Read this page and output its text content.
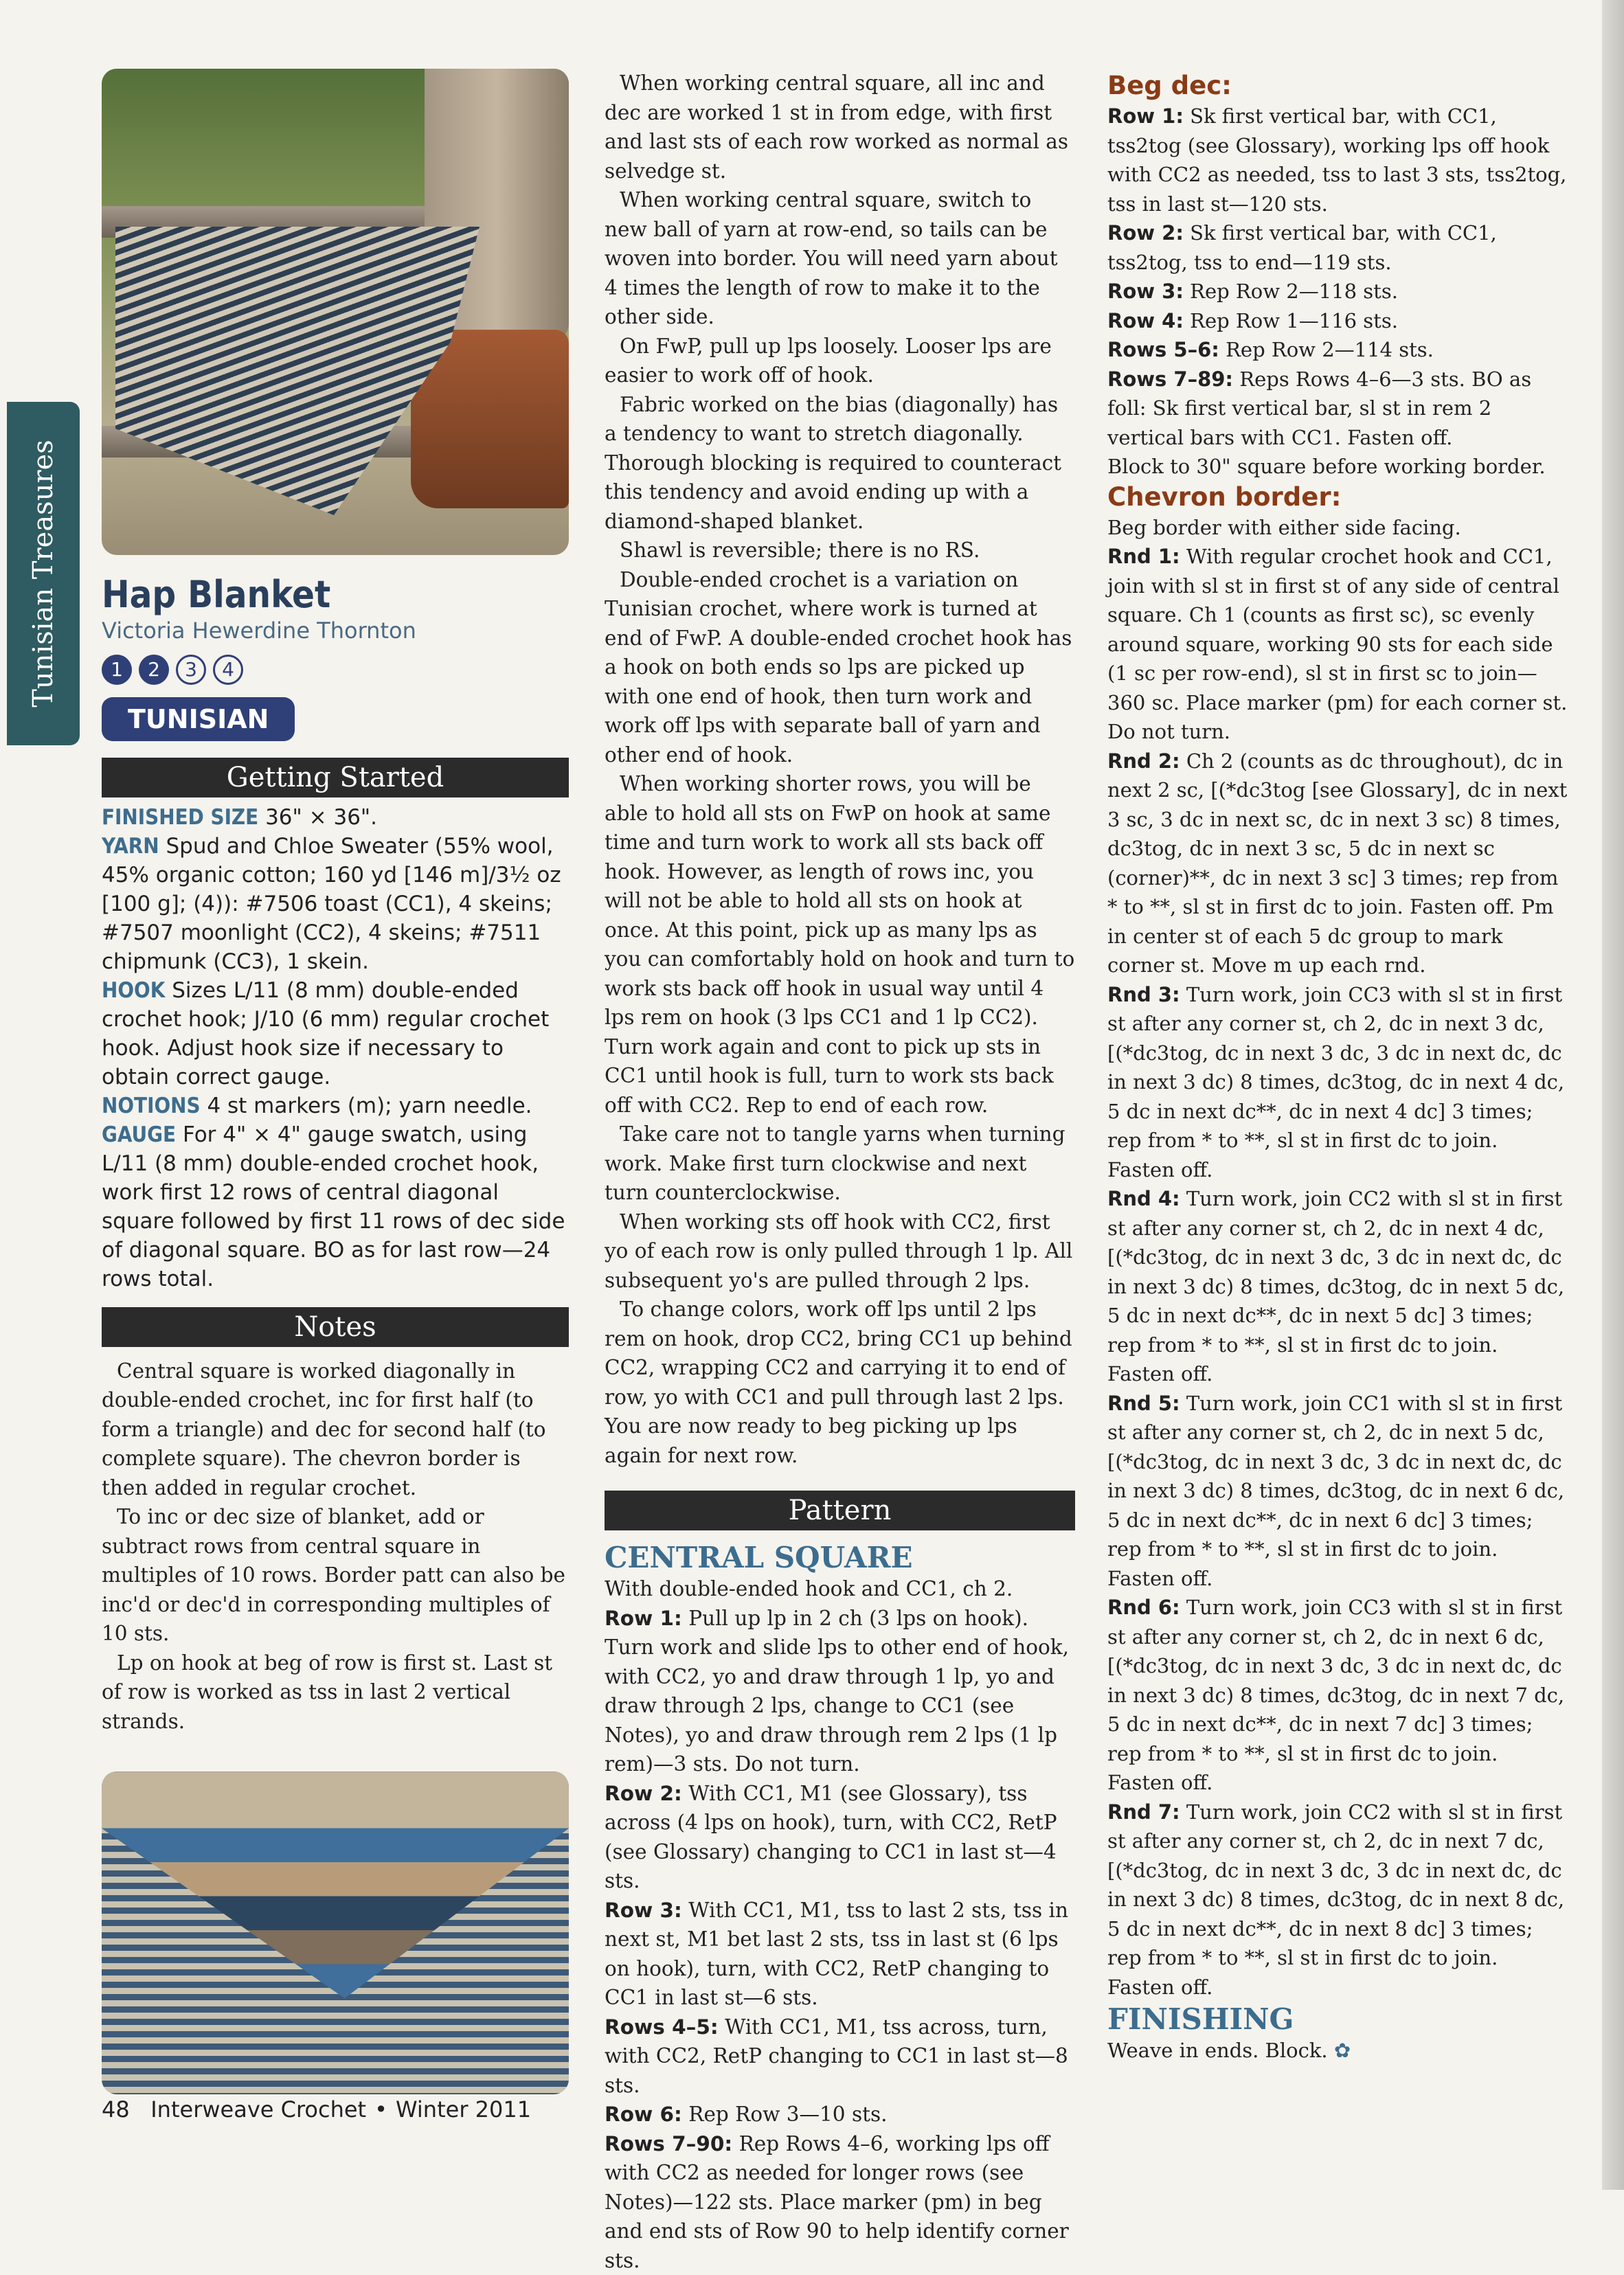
Tunisian Treasures Hap Blanket
Victoria Hewerdine Thornton
1	2	3	4
TUNISIAN
Getting Started

FINISHED SIZE 36" × 36".

YARN Spud and Chloe Sweater (55% wool, 45% organic cotton; 160 yd [146 m]/3½ oz [100 g]; (4)): #7506 toast (CC1), 4 skeins; #7507 moonlight (CC2), 4 skeins; #7511 chipmunk (CC3), 1 skein.

HOOK Sizes L/11 (8 mm) double-ended crochet hook; J/10 (6 mm) regular crochet hook. Adjust hook size if necessary to obtain correct gauge.

NOTIONS 4 st markers (m); yarn needle.

GAUGE For 4" × 4" gauge swatch, using L/11 (8 mm) double-ended crochet hook, work first 12 rows of central diagonal square followed by first 11 rows of dec side of diagonal square. BO as for last row—24 rows total.

Notes

Central square is worked diagonally in double-ended crochet, inc for first half (to form a triangle) and dec for second half (to complete square). The chevron border is then added in regular crochet.

To inc or dec size of blanket, add or subtract rows from central square in multiples of 10 rows. Border patt can also be inc'd or dec'd in corresponding multiples of 10 sts.

Lp on hook at beg of row is first st. Last st of row is worked as tss in last 2 vertical strands.

When working central square, all inc and dec are worked 1 st in from edge, with first and last sts of each row worked as normal as selvedge st.

When working central square, switch to new ball of yarn at row-end, so tails can be woven into border. You will need yarn about 4 times the length of row to make it to the other side.

On FwP, pull up lps loosely. Looser lps are easier to work off of hook.

Fabric worked on the bias (diagonally) has a tendency to want to stretch diagonally. Thorough blocking is required to counteract this tendency and avoid ending up with a diamond-shaped blanket.

Shawl is reversible; there is no RS.

Double-ended crochet is a variation on Tunisian crochet, where work is turned at end of FwP. A double-ended crochet hook has a hook on both ends so lps are picked up with one end of hook, then turn work and work off lps with separate ball of yarn and other end of hook.

When working shorter rows, you will be able to hold all sts on FwP on hook at same time and turn work to work all sts back off hook. However, as length of rows inc, you will not be able to hold all sts on hook at once. At this point, pick up as many lps as you can comfortably hold on hook and turn to work sts back off hook in usual way until 4 lps rem on hook (3 lps CC1 and 1 lp CC2). Turn work again and cont to pick up sts in CC1 until hook is full, turn to work sts back off with CC2. Rep to end of each row.

Take care not to tangle yarns when turning work. Make first turn clockwise and next turn counterclockwise.

When working sts off hook with CC2, first yo of each row is only pulled through 1 lp. All subsequent yo's are pulled through 2 lps.

To change colors, work off lps until 2 lps rem on hook, drop CC2, bring CC1 up behind CC2, wrapping CC2 and carrying it to end of row, yo with CC1 and pull through last 2 lps. You are now ready to beg picking up lps again for next row.

Pattern
CENTRAL SQUARE

With double-ended hook and CC1, ch 2.

Row 1: Pull up lp in 2 ch (3 lps on hook). Turn work and slide lps to other end of hook, with CC2, yo and draw through 1 lp, yo and draw through 2 lps, change to CC1 (see Notes), yo and draw through rem 2 lps (1 lp rem)—3 sts. Do not turn.

Row 2: With CC1, M1 (see Glossary), tss across (4 lps on hook), turn, with CC2, RetP (see Glossary) changing to CC1 in last st—4 sts.

Row 3: With CC1, M1, tss to last 2 sts, tss in next st, M1 bet last 2 sts, tss in last st (6 lps on hook), turn, with CC2, RetP changing to CC1 in last st—6 sts.

Rows 4–5: With CC1, M1, tss across, turn, with CC2, RetP changing to CC1 in last st—8 sts.

Row 6: Rep Row 3—10 sts.

Rows 7–90: Rep Rows 4–6, working lps off with CC2 as needed for longer rows (see Notes)—122 sts. Place marker (pm) in beg and end sts of Row 90 to help identify corner sts.

Beg dec:

Row 1: Sk first vertical bar, with CC1, tss2tog (see Glossary), working lps off hook with CC2 as needed, tss to last 3 sts, tss2tog, tss in last st—120 sts.

Row 2: Sk first vertical bar, with CC1, tss2tog, tss to end—119 sts.

Row 3: Rep Row 2—118 sts.

Row 4: Rep Row 1—116 sts.

Rows 5–6: Rep Row 2—114 sts.

Rows 7–89: Reps Rows 4–6—3 sts. BO as foll: Sk first vertical bar, sl st in rem 2 vertical bars with CC1. Fasten off.

Block to 30" square before working border.

Chevron border:

Beg border with either side facing.

Rnd 1: With regular crochet hook and CC1, join with sl st in first st of any side of central square. Ch 1 (counts as first sc), sc evenly around square, working 90 sts for each side (1 sc per row-end), sl st in first sc to join—360 sc. Place marker (pm) for each corner st. Do not turn.

Rnd 2: Ch 2 (counts as dc throughout), dc in next 2 sc, [(*dc3tog [see Glossary], dc in next 3 sc, 3 dc in next sc, dc in next 3 sc) 8 times, dc3tog, dc in next 3 sc, 5 dc in next sc (corner)**, dc in next 3 sc] 3 times; rep from * to **, sl st in first dc to join. Fasten off. Pm in center st of each 5 dc group to mark corner st. Move m up each rnd.

Rnd 3: Turn work, join CC3 with sl st in first st after any corner st, ch 2, dc in next 3 dc, [(*dc3tog, dc in next 3 dc, 3 dc in next dc, dc in next 3 dc) 8 times, dc3tog, dc in next 4 dc, 5 dc in next dc**, dc in next 4 dc] 3 times; rep from * to **, sl st in first dc to join. Fasten off.

Rnd 4: Turn work, join CC2 with sl st in first st after any corner st, ch 2, dc in next 4 dc, [(*dc3tog, dc in next 3 dc, 3 dc in next dc, dc in next 3 dc) 8 times, dc3tog, dc in next 5 dc, 5 dc in next dc**, dc in next 5 dc] 3 times; rep from * to **, sl st in first dc to join. Fasten off.

Rnd 5: Turn work, join CC1 with sl st in first st after any corner st, ch 2, dc in next 5 dc, [(*dc3tog, dc in next 3 dc, 3 dc in next dc, dc in next 3 dc) 8 times, dc3tog, dc in next 6 dc, 5 dc in next dc**, dc in next 6 dc] 3 times; rep from * to **, sl st in first dc to join. Fasten off.

Rnd 6: Turn work, join CC3 with sl st in first st after any corner st, ch 2, dc in next 6 dc, [(*dc3tog, dc in next 3 dc, 3 dc in next dc, dc in next 3 dc) 8 times, dc3tog, dc in next 7 dc, 5 dc in next dc**, dc in next 7 dc] 3 times; rep from * to **, sl st in first dc to join. Fasten off.

Rnd 7: Turn work, join CC2 with sl st in first st after any corner st, ch 2, dc in next 7 dc, [(*dc3tog, dc in next 3 dc, 3 dc in next dc, dc in next 3 dc) 8 times, dc3tog, dc in next 8 dc, 5 dc in next dc**, dc in next 8 dc] 3 times; rep from * to **, sl st in first dc to join. Fasten off.

FINISHING

Weave in ends. Block. ✿

48 Interweave Crochet • Winter 2011
